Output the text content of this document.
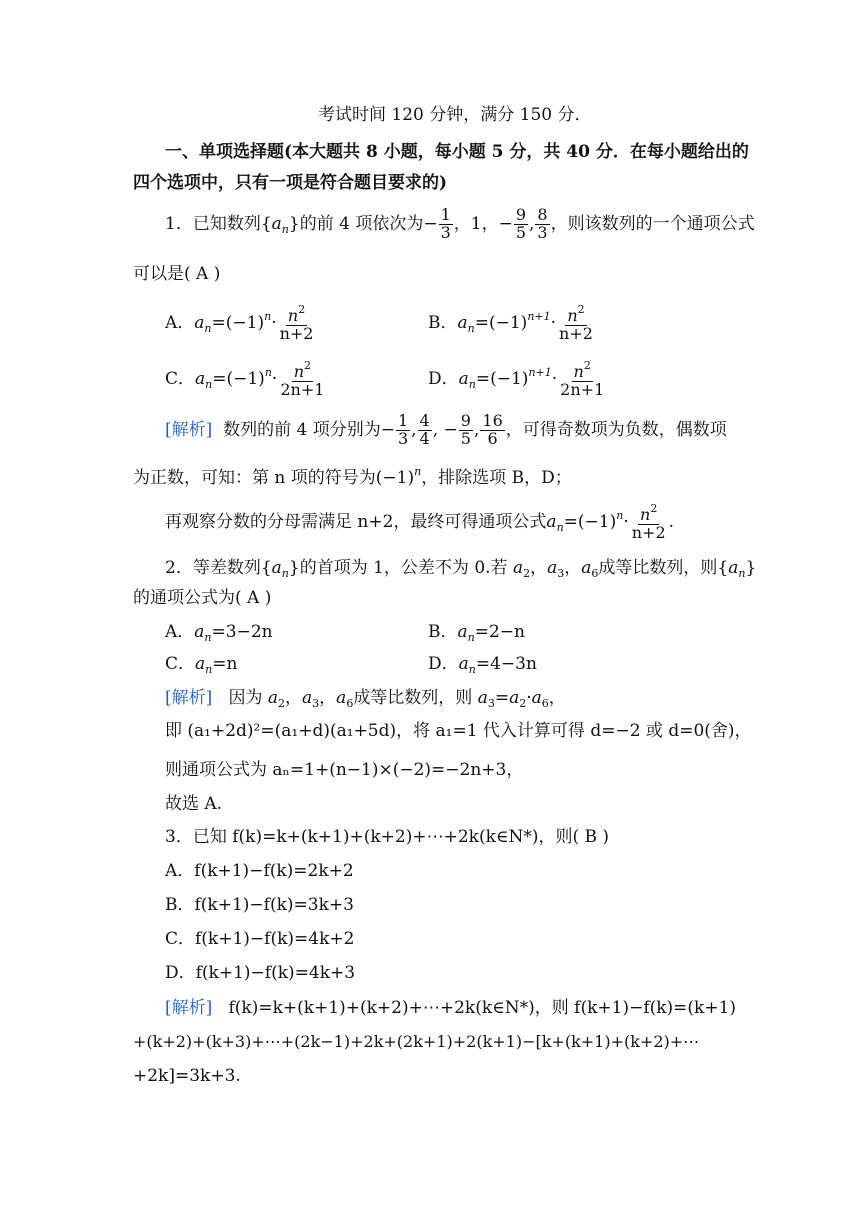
考试时间 120 分钟，满分 150 分．
一、单项选择题(本大题共 8 小题，每小题 5 分，共 40 分．在每小题给出的
四个选项中，只有一项是符合题目要求的)
1．已知数列$\{a_n\}$的前 4 项依次为− $\frac{1}{3}$ ，1，− $\frac{9}{5}$ , $\frac{8}{3}$ ，则该数列的一个通项公式
可以是( A )
A．$a_n=(-1)^n\cdot \frac{n^2}{n+2}$	B．$a_n=(-1)^{n+1}\cdot \frac{n^2}{n+2}$
C．$a_n=(-1)^n\cdot \frac{n^2}{2n+1}$	D．$a_n=(-1)^{n+1}\cdot \frac{n^2}{2n+1}$
[解析] 数列的前 4 项分别为− $\frac{1}{3}$ , $\frac{4}{4}$ , − $\frac{9}{5}$ , $\frac{16}{6}$ ，可得奇数项为负数，偶数项
为正数，可知：第 n 项的符号为$(-1)^n$，排除选项 B，D；
再观察分数的分母需满足 n+2，最终可得通项公式$a_n=(-1)^n\cdot \frac{n^2}{n+2}$ .
2．等差数列$\{a_n\}$的首项为 1，公差不为 0.若 $a_2$，$a_3$，$a_6$成等比数列，则$\{a_n\}$
的通项公式为( A )
A．$a_n=3-2n$	B．$a_n=2-n$
C．$a_n=n$	D．$a_n=4-3n$
[解析] 因为 $a_2$，$a_3$，$a_6$成等比数列，则 $a_3=a_2\cdot a_6$，
即 (a₁+2d)²=(a₁+d)(a₁+5d)，将 a₁=1 代入计算可得 d=−2 或 d=0(舍)，
则通项公式为 aₙ=1+(n−1)×(−2)=−2n+3，
故选 A.
3．已知 f(k)=k+(k+1)+(k+2)+⋯+2k(k∈N*)，则( B )
A．f(k+1)−f(k)=2k+2
B．f(k+1)−f(k)=3k+3
C．f(k+1)−f(k)=4k+2
D．f(k+1)−f(k)=4k+3
[解析] f(k)=k+(k+1)+(k+2)+⋯+2k(k∈N*)，则 f(k+1)−f(k)=(k+1)
+(k+2)+(k+3)+⋯+(2k−1)+2k+(2k+1)+2(k+1)−[k+(k+1)+(k+2)+⋯
+2k]=3k+3.
